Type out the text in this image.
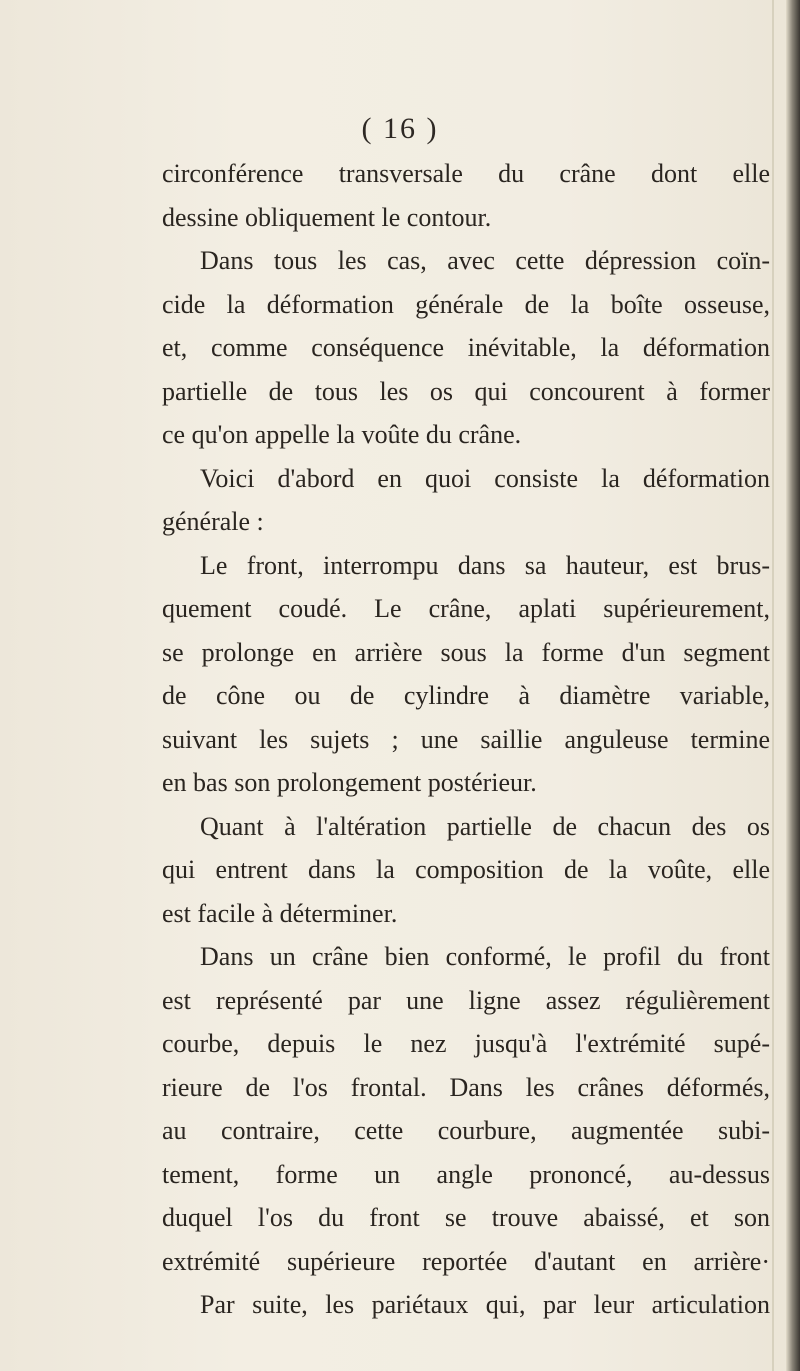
( 16 )
circonférence transversale du crâne dont elle
dessine obliquement le contour.
Dans tous les cas, avec cette dépression coïn-
cide la déformation générale de la boîte osseuse,
et, comme conséquence inévitable, la déformation
partielle de tous les os qui concourent à former
ce qu'on appelle la voûte du crâne.
Voici d'abord en quoi consiste la déformation
générale :
Le front, interrompu dans sa hauteur, est brus-
quement coudé. Le crâne, aplati supérieurement,
se prolonge en arrière sous la forme d'un segment
de cône ou de cylindre à diamètre variable,
suivant les sujets ; une saillie anguleuse termine
en bas son prolongement postérieur.
Quant à l'altération partielle de chacun des os
qui entrent dans la composition de la voûte, elle
est facile à déterminer.
Dans un crâne bien conformé, le profil du front
est représenté par une ligne assez régulièrement
courbe, depuis le nez jusqu'à l'extrémité supé-
rieure de l'os frontal. Dans les crânes déformés,
au contraire, cette courbure, augmentée subi-
tement, forme un angle prononcé, au-dessus
duquel l'os du front se trouve abaissé, et son
extrémité supérieure reportée d'autant en arrière·
Par suite, les pariétaux qui, par leur articulation
